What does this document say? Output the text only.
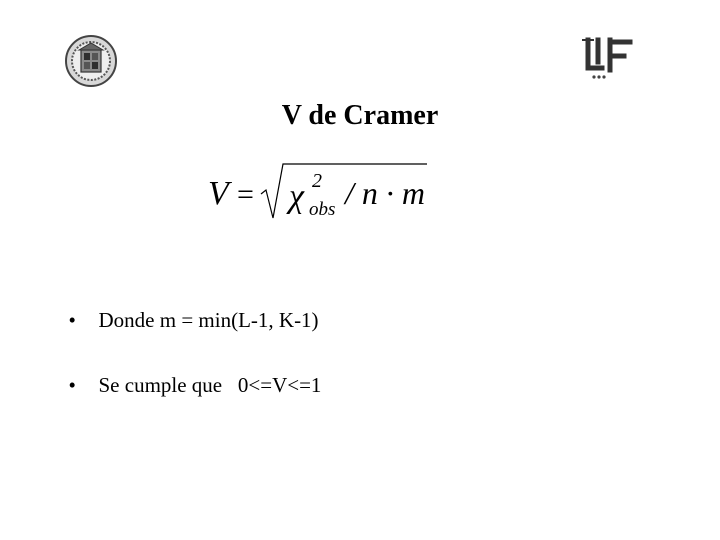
V de Cramer
V = χ 2
obs / n · m

• Donde m = min(L-1, K-1)

• Se cumple que   0<=V<=1
